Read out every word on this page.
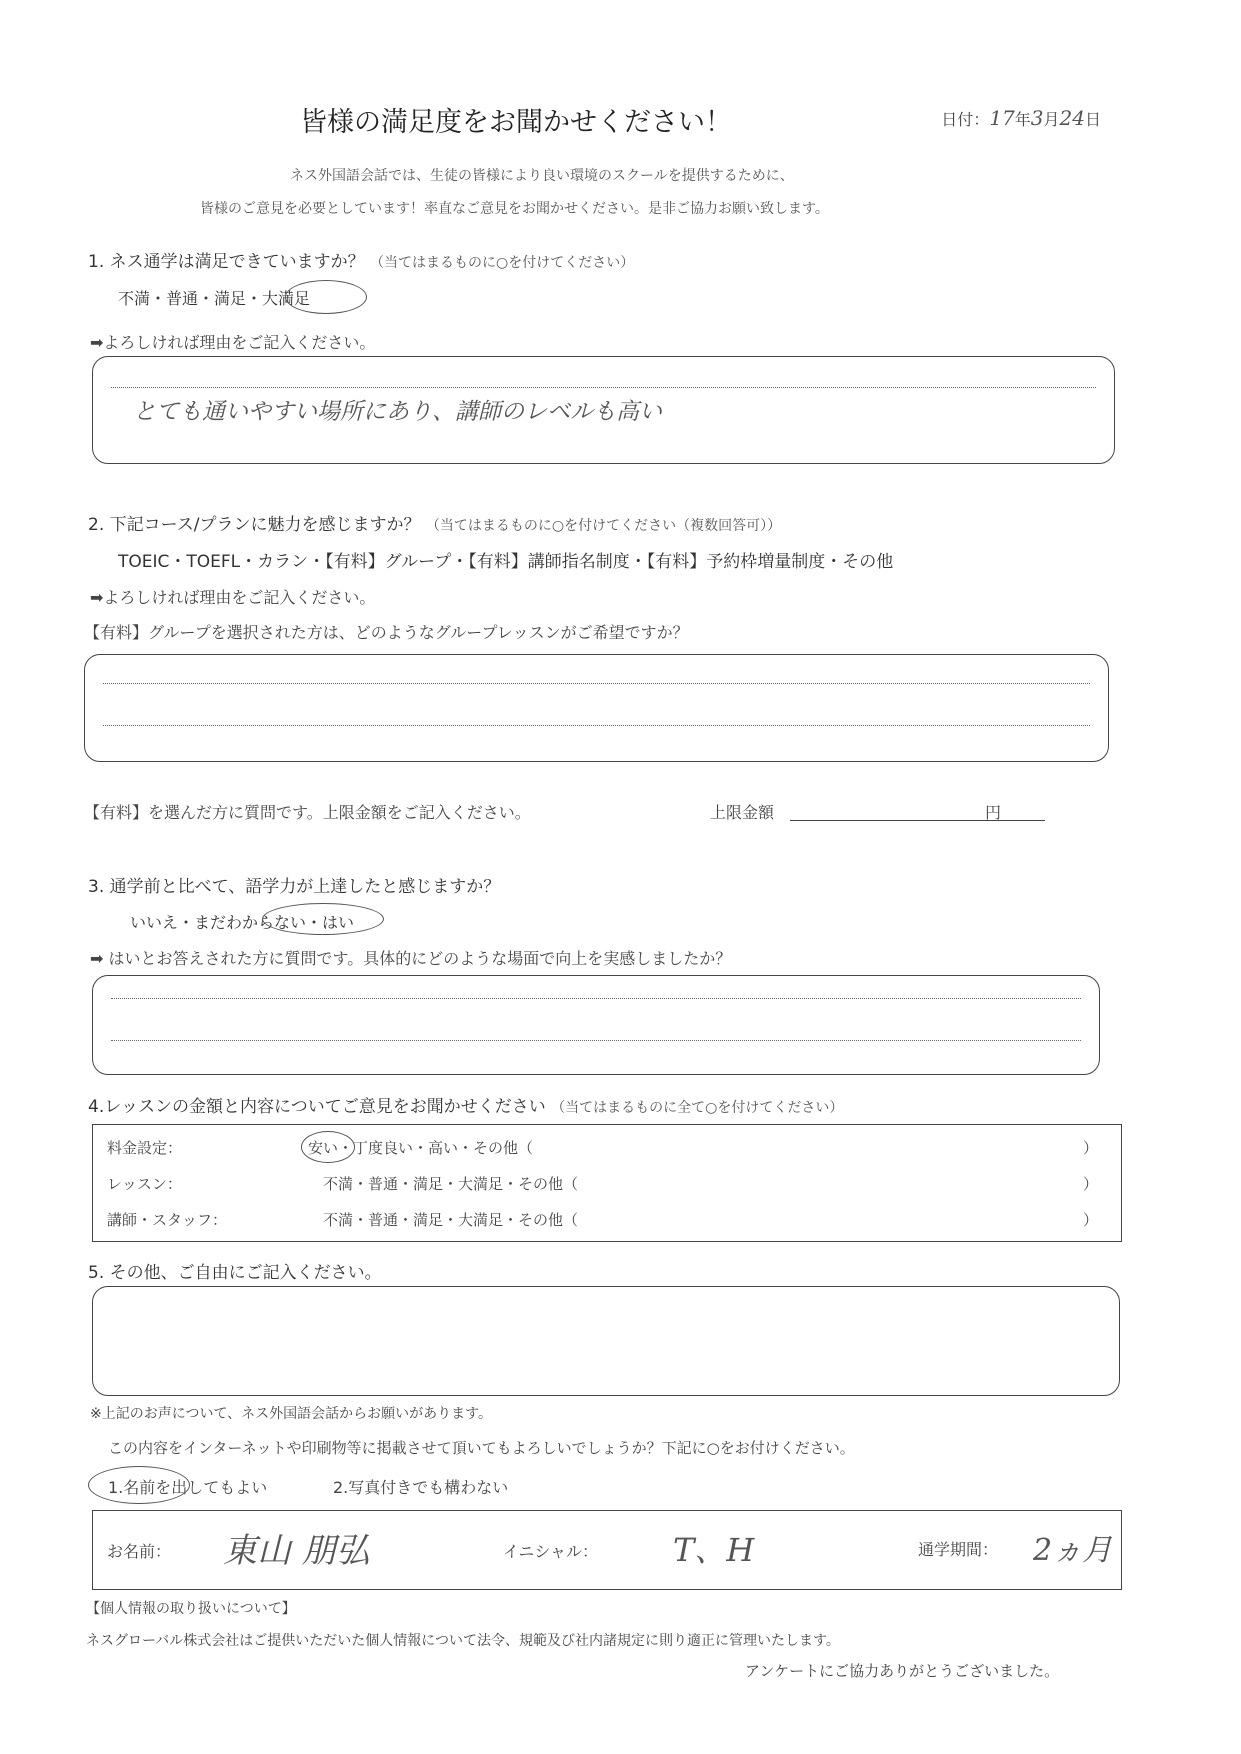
皆様の満足度をお聞かせください！	日付：17年3月24日
ネス外国語会話では、生徒の皆様により良い環境のスクールを提供するために、
皆様のご意見を必要としています！率直なご意見をお聞かせください。是非ご協力お願い致します。
1. ネス通学は満足できていますか？ （当てはまるものに○を付けてください）
不満・普通・満足・大満足
➡よろしければ理由をご記入ください。
とても通いやすい場所にあり、講師のレベルも高い
2. 下記コース/プランに魅力を感じますか？ （当てはまるものに○を付けてください（複数回答可））
TOEIC・TOEFL・カラン・【有料】グループ・【有料】講師指名制度・【有料】予約枠増量制度・その他
➡よろしければ理由をご記入ください。
【有料】グループを選択された方は、どのようなグループレッスンがご希望ですか？
【有料】を選んだ方に質問です。上限金額をご記入ください。	上限金額	円
3. 通学前と比べて、語学力が上達したと感じますか？
いいえ・まだわからない・はい
➡ はいとお答えされた方に質問です。具体的にどのような場面で向上を実感しましたか？
4.レッスンの金額と内容についてご意見をお聞かせください （当てはまるものに全て○を付けてください）
料金設定：	安い・丁度良い・高い・その他（	）
レッスン：	不満・普通・満足・大満足・その他（	）
講師・スタッフ：	不満・普通・満足・大満足・その他（	）
5. その他、ご自由にご記入ください。
※上記のお声について、ネス外国語会話からお願いがあります。
この内容をインターネットや印刷物等に掲載させて頂いてもよろしいでしょうか？下記に○をお付けください。
1.名前を出してもよい	2.写真付きでも構わない
お名前： 東山 朋弘	イニシャル： T、H	通学期間： 2ヵ月
【個人情報の取り扱いについて】
ネスグローバル株式会社はご提供いただいた個人情報について法令、規範及び社内諸規定に則り適正に管理いたします。
アンケートにご協力ありがとうございました。
